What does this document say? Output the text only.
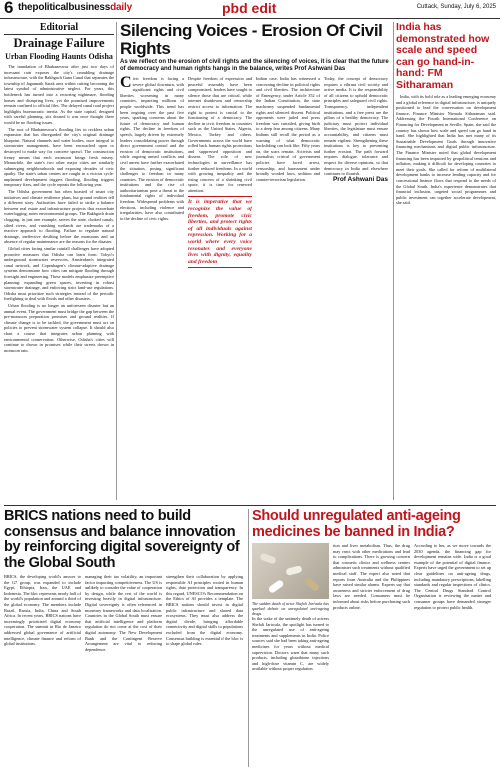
6 thepoliticalbusinessdaily	pbd edit	Cuttack, Sunday, July 6, 2025
Editorial
Drainage Failure
Urban Flooding Haunts Odisha

The inundation of Bhubaneswar after just two days of incessant rain exposes the city's crumbling drainage infrastructure, with the Bakhgach Gana Canal that separates the township of Jagannath Sarak area within cutting becoming the latest symbol of administrative neglect. For years, this bottleneck has turned into a recurring nightmare, flooding homes and disrupting lives, yet the promised improvements remain confined to official files. The delayed canal road project highlights bureaucratic inertia. As the state capital, designed with careful planning, sits doused it was once thought there would be no flooding issues.

The root of Bhubaneswar's flooding lies in reckless urban expansion that has disregarded the city's original drainage blueprint. Natural channels and water bodies, once integral to stormwater management, have been encroached upon or destroyed to make way for concrete sprawl. The construction frenzy means that each monsoon brings fresh misery. Meanwhile, the state's two other major cities are similarly submerging neighbourhoods and exposing decades of civic apathy. The state's urban centres are caught in a vicious cycle: unplanned development triggers flooding, flooding triggers temporary fixes, and the cycle repeats the following year.

The Odisha government has often boasted of smart city initiatives and climate resilience plans, but ground realities tell a different story. Authorities have failed to strike a balance between real estate and infrastructure projects that exacerbate waterlogging, notes environmental groups. The Bakhgach drain clogging, in just one example, serves the state, choked canals, silted rivers, and vanishing wetlands are trademarks of a reactive approach to flooding. Failure to regulate natural drainage, ineffective desilting before the monsoons and an absence of regular maintenance are the reasons for the disaster.

Global cities facing similar rainfall challenges have adopted proactive measures that Odisha can learn from. Tokyo's underground stormwater reservoirs, Amsterdam's integrated canal network, and Copenhagen's climate-adaptive drainage systems demonstrate how cities can mitigate flooding through foresight and engineering. These models emphasize preemptive planning: expanding green spaces, investing in robust stormwater drainage, and enforcing strict land-use regulations. Odisha must prioritize such strategies instead of the periodic firefighting to deal with floods and other disasters.

Urban flooding is no longer an unforeseen disaster but an annual event. The government must bridge the gap between the pre-monsoon preparation promises and ground realities. If climate change is to be tackled, the government must act on policies to prevent stormwater system collapse. It should also chart a course that integrates urban planning with environmental conservation. Otherwise, Odisha's cities will continue to drown in promises while their streets drown in monsoon rain.

Silencing Voices - Erosion Of Civil Rights
As we reflect on the erosion of civil rights and the silencing of voices, it is clear that the future of democracy and human rights hangs in the balance, writes Prof Ashwani Das
Civic freedom is facing a severe global downturn, with significant rights and civil liberties worsening in many countries, impacting millions of people worldwide. This trend has been ongoing over the past five years, sparking concerns about the future of democracy and human rights. The decline in freedom of speech, largely driven by extremely leaders consolidating power through direct government control and the erosion of democratic institutions, while ongoing armed conflicts and civil unrest have further exacerbated the situation, posing significant challenges to freedom in many countries. The erosion of democratic institutions and the rise of authoritarianism pose a threat to the fundamental rights of individual freedom. Widespread problems with elections, including violence and irregularities, have also contributed to the decline of civic rights.
Despite freedom of expression and peaceful assembly have been compromised, leaders have sought to silence those that are critical, while internet shutdowns and censorship restrict access to information. The right to protest is crucial to the functioning of a democracy. The decline in civic freedom in countries such as the United States, Algeria, Mexico, Turkey and others. Governments across the world have rolled back human rights protections and suppressed opposition and dissent. The role of new technologies in surveillance has further reduced freedoms. In a world with growing inequality and the rising concern of a shrinking civil space, it is time for renewed attention.
It is imperative that we recognize the value of freedom, promote civic liberties, and protect rights of all individuals against repression. Working for a world where every voice resonates and everyone lives with dignity, equality and freedom
Indian case. India has witnessed a concerning decline in political rights and civil liberties. The architecture of Emergency, under Article 352 of the Indian Constitution, the state machinery suspended fundamental rights and silenced dissent. Political opponents were jailed and press freedom was curtailed, giving birth to a deep fear among citizens. Many Indians still recall the period as a warning of what democratic backsliding can look like. Fifty years on, the scars remain. Activists and journalists critical of government policies have faced arrest, censorship, and harassment under broadly worded laws, sedition and counter-terrorism legislation.
Today, the concept of democracy requires a vibrant civil society and active media. It is the responsibility of all citizens to uphold democratic principles and safeguard civil rights. Transparency, independent institutions, and a free press are the pillars of a healthy democracy. The judiciary must protect individual liberties, the legislature must ensure accountability, and citizens must remain vigilant. Strengthening these institutions is key to preventing further erosion. The path forward requires dialogue, tolerance and respect for diverse opinions, so that democracy in India and elsewhere continues to flourish.
Prof Ashwani Das
India has demonstrated how scale and speed can go hand-in-hand: FM Sitharaman

India, with its bold role as a leading emerging economy and a global reference in digital infrastructure, is uniquely positioned to lead the conversation on development finance, Finance Minister Nirmala Sitharaman said. Addressing the Fourth International Conference on Financing for Development in Seville, Spain, she said the country has shown how scale and speed can go hand in hand. She highlighted that India has met many of its Sustainable Development Goals through innovative financing mechanisms and digital public infrastructure. The Finance Minister noted that global development financing has been impacted by geopolitical tensions and inflation, making it difficult for developing countries to meet their goals. She called for reform of multilateral development banks to increase lending capacity and for concessional finance flows that respond to the needs of the Global South. India's experience demonstrates that financial inclusion, targeted social programmes and public investment can together accelerate development, she said.

BRICS nations need to build consensus and balance innovation by reinforcing digital sovereignty of the Global South
BRICS, the developing world's answer to the G7 group, was expanded to include Egypt, Ethiopia, Iran, the UAE and Indonesia. The bloc represents nearly half of the world's population and around a third of the global economy. The members include Brazil, Russia, India, China and South Africa. In recent years, BRICS nations have increasingly prioritised digital economy cooperation. The summit in Rio de Janeiro addressed global governance of artificial intelligence, climate finance and reform of global institutions.
managing their tax volatility, an important factor impacting competitiveness. The US is unlikely to consider the value of cooperation by design, while the rest of the world is investing heavily in digital infrastructure. Digital sovereignty is often referenced in monetary frameworks and data localisation. Countries in the Global South must ensure that artificial intelligence and platform regulation do not come at the cost of their digital autonomy. The New Development Bank and the Contingent Reserve Arrangement are vital to reducing dependence.
strengthen their collaboration by applying responsible AI principles rooted in human rights, data protection and transparency. In this regard, UNESCO's Recommendation on the Ethics of AI provides a template. The BRICS nations should invest in digital public infrastructure and shared data ecosystems. They must also address the digital divide, bringing affordable connectivity and digital skills to populations excluded from the digital economy. Consensus building is essential if the bloc is to shape global rules.
Should unregulated anti-ageing medicines be banned in India?
The sudden death of actor Shefali Jariwala has sparked debate on unregulated anti-ageing drugs.
In the wake of the untimely death of actress Shefali Jariwala, the spotlight has turned to the unregulated use of anti-ageing treatments and supplements in India. Police sources said she had been taking anti-ageing medicines for years without medical supervision. Doctors warn that many such products, including glutathione injections and high-dose vitamin C, are widely available without proper regulation.
tion and liver metabolism. Thus, the drug may react with other medications and lead to complications. There is growing concern that cosmetic clinics and wellness centres administer such treatments without qualified medical staff. The expert also noted that reports from Australia and the Philippines have raised similar alarms. Experts say that awareness and stricter enforcement of drug laws are needed. Consumers must be informed about risks before purchasing such products online.
According to her, as we move towards the 2030 agenda, the financing gap for development remains wide. India is a good example of the potential of digital finance. Experts have urged the government to set up clear guidelines on anti-ageing drugs, including mandatory prescriptions, labelling standards and regular inspections of clinics. The Central Drugs Standard Control Organisation is reviewing the matter and consumer groups have demanded stronger regulation to protect public health.
